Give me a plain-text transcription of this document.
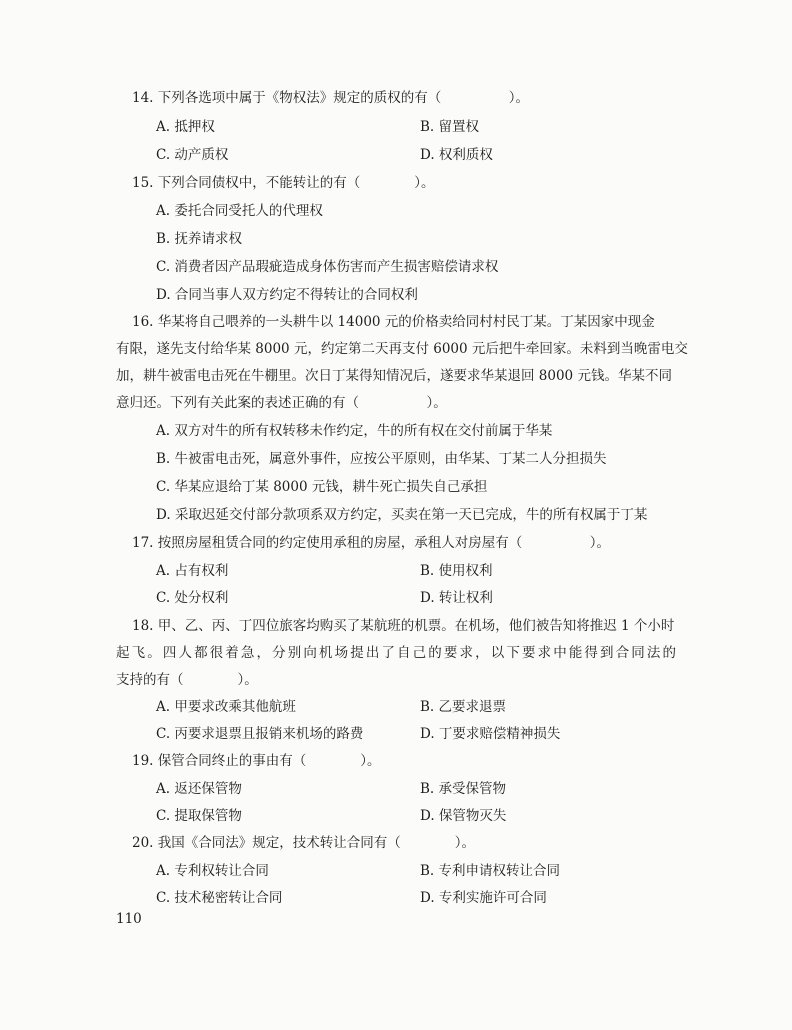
14. 下列各选项中属于《物权法》规定的质权的有（　　　　　）。
A. 抵押权	B. 留置权
C. 动产质权	D. 权利质权
15. 下列合同债权中，不能转让的有（　　　　）。
A. 委托合同受托人的代理权
B. 抚养请求权
C. 消费者因产品瑕疵造成身体伤害而产生损害赔偿请求权
D. 合同当事人双方约定不得转让的合同权利
16. 华某将自己喂养的一头耕牛以 14000 元的价格卖给同村村民丁某。丁某因家中现金
有限，遂先支付给华某 8000 元，约定第二天再支付 6000 元后把牛牵回家。未料到当晚雷电交
加，耕牛被雷电击死在牛棚里。次日丁某得知情况后，遂要求华某退回 8000 元钱。华某不同
意归还。下列有关此案的表述正确的有（　　　　　）。
A. 双方对牛的所有权转移未作约定，牛的所有权在交付前属于华某
B. 牛被雷电击死，属意外事件，应按公平原则，由华某、丁某二人分担损失
C. 华某应退给丁某 8000 元钱，耕牛死亡损失自己承担
D. 采取迟延交付部分款项系双方约定，买卖在第一天已完成，牛的所有权属于丁某
17. 按照房屋租赁合同的约定使用承租的房屋，承租人对房屋有（　　　　　）。
A. 占有权利	B. 使用权利
C. 处分权利	D. 转让权利
18. 甲、乙、丙、丁四位旅客均购买了某航班的机票。在机场，他们被告知将推迟 1 个小时
起飞。四人都很着急，分别向机场提出了自己的要求，以下要求中能得到合同法的
支持的有（　　　　）。
A. 甲要求改乘其他航班	B. 乙要求退票
C. 丙要求退票且报销来机场的路费	D. 丁要求赔偿精神损失
19. 保管合同终止的事由有（　　　　）。
A. 返还保管物	B. 承受保管物
C. 提取保管物	D. 保管物灭失
20. 我国《合同法》规定，技术转让合同有（　　　　）。
A. 专利权转让合同	B. 专利申请权转让合同
C. 技术秘密转让合同	D. 专利实施许可合同
110
